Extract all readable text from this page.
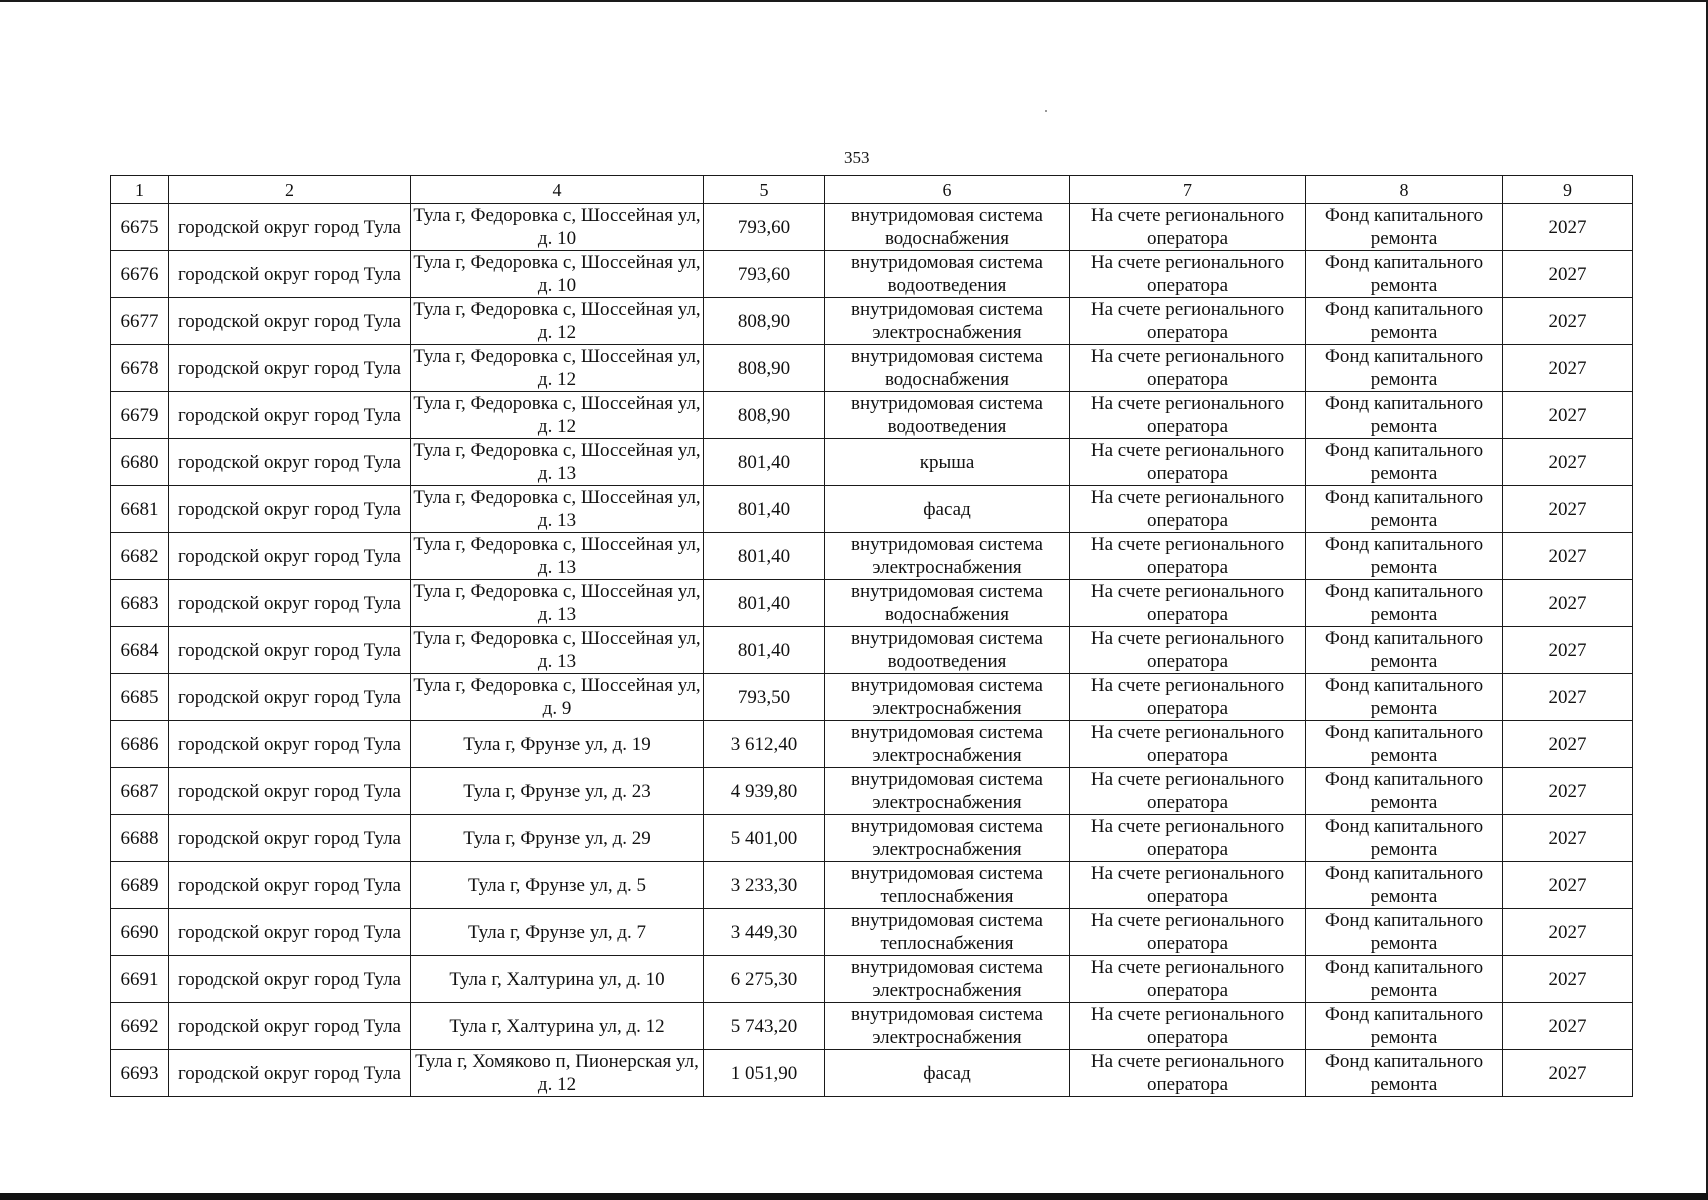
353
1	2	4	5	6	7	8	9
6675	городской округ город Тула	Тула г, Федоровка с, Шоссейная ул, д. 10	793,60	внутридомовая система водоснабжения	На счете регионального оператора	Фонд капитального ремонта	2027
6676	городской округ город Тула	Тула г, Федоровка с, Шоссейная ул, д. 10	793,60	внутридомовая система водоотведения	На счете регионального оператора	Фонд капитального ремонта	2027
6677	городской округ город Тула	Тула г, Федоровка с, Шоссейная ул, д. 12	808,90	внутридомовая система электроснабжения	На счете регионального оператора	Фонд капитального ремонта	2027
6678	городской округ город Тула	Тула г, Федоровка с, Шоссейная ул, д. 12	808,90	внутридомовая система водоснабжения	На счете регионального оператора	Фонд капитального ремонта	2027
6679	городской округ город Тула	Тула г, Федоровка с, Шоссейная ул, д. 12	808,90	внутридомовая система водоотведения	На счете регионального оператора	Фонд капитального ремонта	2027
6680	городской округ город Тула	Тула г, Федоровка с, Шоссейная ул, д. 13	801,40	крыша	На счете регионального оператора	Фонд капитального ремонта	2027
6681	городской округ город Тула	Тула г, Федоровка с, Шоссейная ул, д. 13	801,40	фасад	На счете регионального оператора	Фонд капитального ремонта	2027
6682	городской округ город Тула	Тула г, Федоровка с, Шоссейная ул, д. 13	801,40	внутридомовая система электроснабжения	На счете регионального оператора	Фонд капитального ремонта	2027
6683	городской округ город Тула	Тула г, Федоровка с, Шоссейная ул, д. 13	801,40	внутридомовая система водоснабжения	На счете регионального оператора	Фонд капитального ремонта	2027
6684	городской округ город Тула	Тула г, Федоровка с, Шоссейная ул, д. 13	801,40	внутридомовая система водоотведения	На счете регионального оператора	Фонд капитального ремонта	2027
6685	городской округ город Тула	Тула г, Федоровка с, Шоссейная ул, д. 9	793,50	внутридомовая система электроснабжения	На счете регионального оператора	Фонд капитального ремонта	2027
6686	городской округ город Тула	Тула г, Фрунзе ул, д. 19	3 612,40	внутридомовая система электроснабжения	На счете регионального оператора	Фонд капитального ремонта	2027
6687	городской округ город Тула	Тула г, Фрунзе ул, д. 23	4 939,80	внутридомовая система электроснабжения	На счете регионального оператора	Фонд капитального ремонта	2027
6688	городской округ город Тула	Тула г, Фрунзе ул, д. 29	5 401,00	внутридомовая система электроснабжения	На счете регионального оператора	Фонд капитального ремонта	2027
6689	городской округ город Тула	Тула г, Фрунзе ул, д. 5	3 233,30	внутридомовая система теплоснабжения	На счете регионального оператора	Фонд капитального ремонта	2027
6690	городской округ город Тула	Тула г, Фрунзе ул, д. 7	3 449,30	внутридомовая система теплоснабжения	На счете регионального оператора	Фонд капитального ремонта	2027
6691	городской округ город Тула	Тула г, Халтурина ул, д. 10	6 275,30	внутридомовая система электроснабжения	На счете регионального оператора	Фонд капитального ремонта	2027
6692	городской округ город Тула	Тула г, Халтурина ул, д. 12	5 743,20	внутридомовая система электроснабжения	На счете регионального оператора	Фонд капитального ремонта	2027
6693	городской округ город Тула	Тула г, Хомяково п, Пионерская ул, д. 12	1 051,90	фасад	На счете регионального оператора	Фонд капитального ремонта	2027
